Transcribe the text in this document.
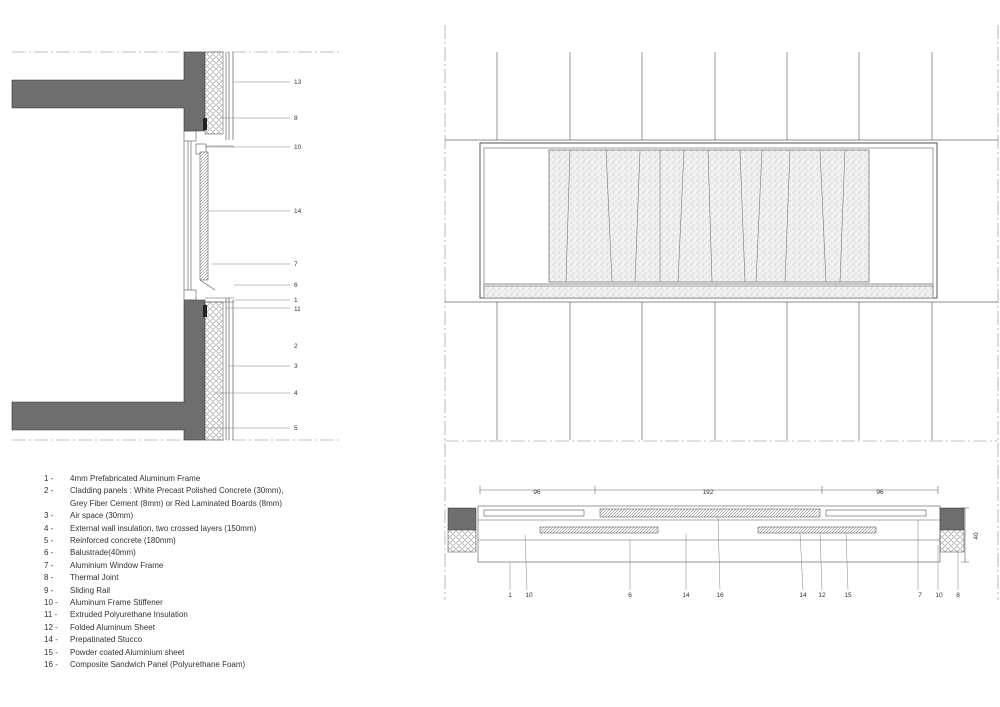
13
8
10
14
7
6
1
11
2
3
4
5
1 10	6	14	16	14 12	15	7 10 8
96	192	96
40
1 -	4mm Prefabricated Aluminum Frame
2 -	Cladding panels : White Precast Polished Concrete (30mm),
Grey Fiber Cement (8mm) or Red Laminated Boards (8mm)
3 -	Air space (30mm)
4 -	External wall insulation, two crossed layers (150mm)
5 -	Reinforced concrete (180mm)
6 -	Balustrade(40mm)
7 -	Aluminium Window Frame
8 -	Thermal Joint
9 -	Sliding Rail
10 -	Aluminum Frame Stiffener
11 -	Extruded Polyurethane Insulation
12 -	Folded Aluminum Sheet
14 -	Prepatinated Stucco
15 -	Powder coated Aluminium sheet
16 -	Composite Sandwich Panel (Polyurethane Foam)
